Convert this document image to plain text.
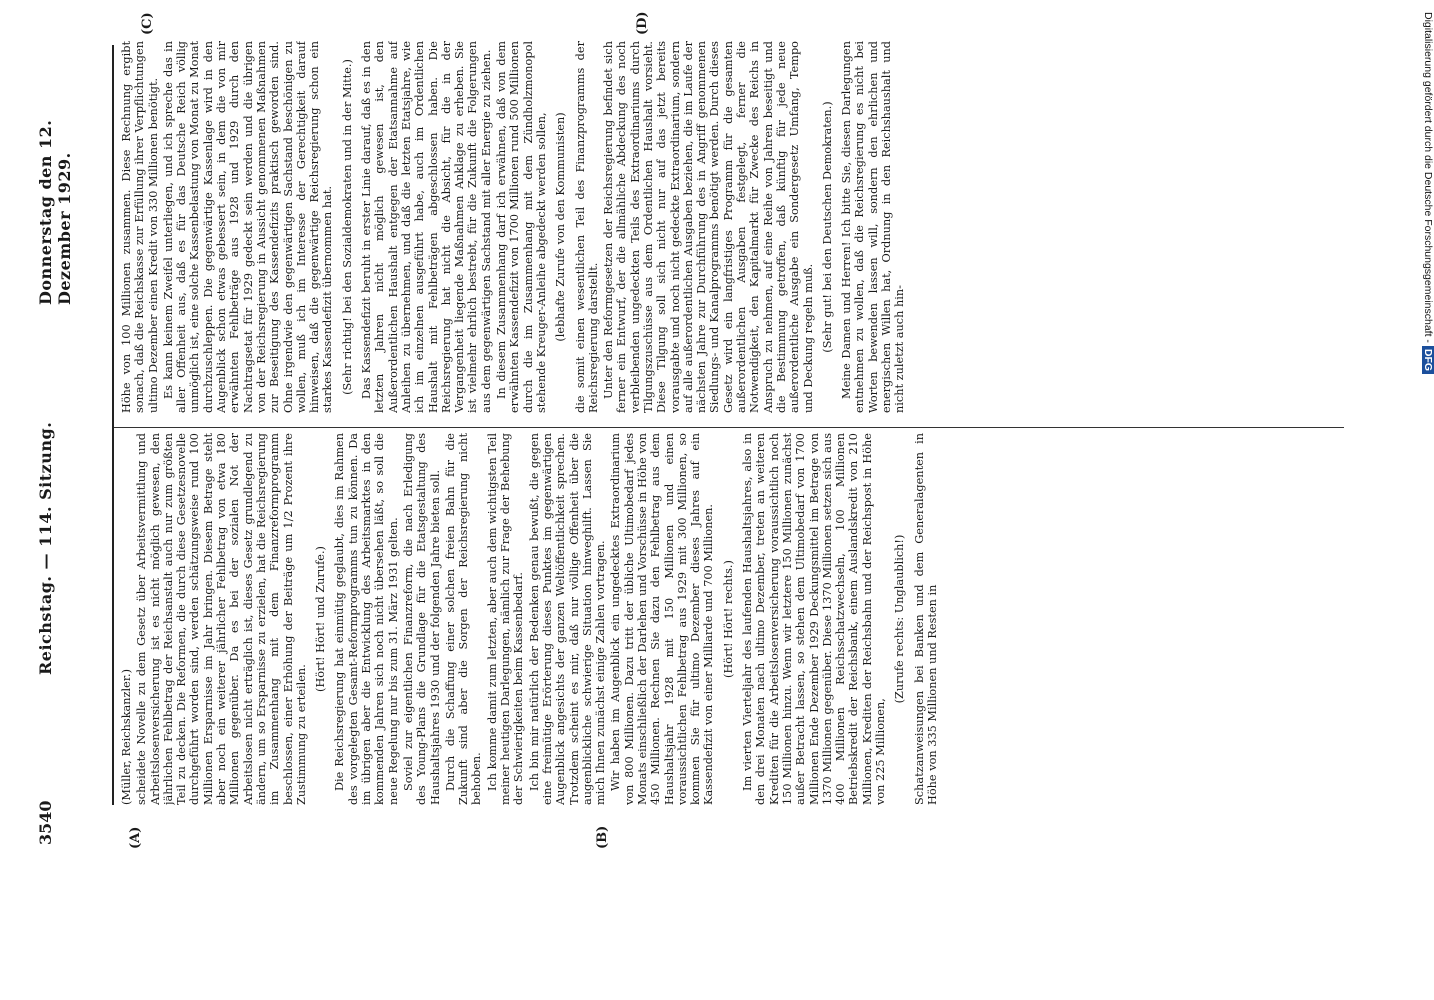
3540
Reichstag. — 114. Sitzung.
Donnerstag den 12. Dezember 1929.
(A)	(B)
(C)	(D)

(Müller, Reichskanzler.) scheidete Novelle zu dem Gesetz über Arbeitsvermittlung und Arbeitslosenversicherung ist es nicht möglich gewesen, den jährlichen Fehlbetrag der Reichsanstalt auch nur zum größten Teil zu decken. Die Reformen, die durch diese Gesetzesnovelle durchgeführt worden sind, werden schätzungsweise rund 100 Millionen Ersparnisse im Jahr bringen. Diesem Betrage steht aber noch ein weiterer jährlicher Fehlbetrag von etwa 180 Millionen gegenüber. Da es bei der sozialen Not der Arbeitslosen nicht erträglich ist, dieses Gesetz grundlegend zu ändern, um so Ersparnisse zu erzielen, hat die Reichsregierung im Zusammenhang mit dem Finanzreformprogramm beschlossen, einer Erhöhung der Beiträge um 1/2 Prozent ihre Zustimmung zu erteilen.

(Hört! Hört! und Zurufe.) Die Reichsregierung hat einmütig geglaubt, dies im Rahmen des vorgelegten Gesamt-Reformprogramms tun zu können. Da im übrigen aber die Entwicklung des Arbeitsmarktes in den kommenden Jahren sich noch nicht übersehen läßt, so soll die neue Regelung nur bis zum 31. März 1931 gelten. Soviel zur eigentlichen Finanzreform, die nach Erledigung des Young-Plans die Grundlage für die Etatsgestaltung des Haushaltsjahres 1930 und der folgenden Jahre bieten soll. Durch die Schaffung einer solchen freien Bahn für die Zukunft sind aber die Sorgen der Reichsregierung nicht behoben. Ich komme damit zum letzten, aber auch dem wichtigsten Teil meiner heutigen Darlegungen, nämlich zur Frage der Behebung der Schwierigkeiten beim Kassenbedarf. Ich bin mir natürlich der Bedenken genau bewußt, die gegen eine freimütige Erörterung dieses Punktes im gegenwärtigen Augenblick angesichts der ganzen Weltöffentlichkeit sprechen. Trotzdem scheint es mir, daß nur völlige Offenheit über die augenblickliche schwierige Situation hinweghilft. Lassen Sie mich Ihnen zunächst einige Zahlen vortragen. Wir haben im Augenblick ein ungedecktes Extraordinarium von 800 Millionen. Dazu tritt der übliche Ultimobedarf jedes Monats einschließlich der Darlehen und Vorschüsse in Höhe von 450 Millionen. Rechnen Sie dazu den Fehlbetrag aus dem Haushaltsjahr 1928 mit 150 Millionen und einen voraussichtlichen Fehlbetrag aus 1929 mit 300 Millionen, so kommen Sie für ultimo Dezember dieses Jahres auf ein Kassendefizit von einer Milliarde und 700 Millionen. (Hört! Hört! rechts.) Im vierten Vierteljahr des laufenden Haushaltsjahres, also in den drei Monaten nach ultimo Dezember, treten an weiteren Krediten für die Arbeitslosenversicherung voraussichtlich noch 150 Millionen hinzu. Wenn wir letztere 150 Millionen zunächst außer Betracht lassen, so stehen dem Ultimobedarf von 1700 Millionen Ende Dezember 1929 Deckungsmittel im Betrage von 1370 Millionen gegenüber. Diese 1370 Millionen setzen sich aus 400 Millionen Reichsschatzwechseln, 100 Millionen Betriebskredit der Reichsbank, einem Auslandskredit von 210 Millionen, Krediten der Reichsbahn und der Reichspost in Höhe von 225 Millionen,

(Zurufe rechts: Unglaublich!) Schatzanweisungen bei Banken und dem Generalagenten in Höhe von 335 Millionen und Resten in

Höhe von 100 Millionen zusammen. Diese Rechnung ergibt sonach, daß die Reichskasse zur Erfüllung ihrer Verpflichtungen ultimo Dezember einen Kredit von 330 Millionen benötigt. Es kann keinem Zweifel unterliegen, und ich spreche das in aller Offenheit aus, daß es für das Deutsche Reich völlig unmöglich ist, eine solche Kassenbelastung von Monat zu Monat durchzuschleppen. Die gegenwärtige Kassenlage wird in den Augenblick schon etwas gebessert sein, in dem die von mir erwähnten Fehlbeträge aus 1928 und 1929 durch den Nachtragsetat für 1929 gedeckt sein werden und die übrigen von der Reichsregierung in Aussicht genommenen Maßnahmen zur Beseitigung des Kassendefizits praktisch geworden sind. Ohne irgendwie den gegenwärtigen Sachstand beschönigen zu wollen, muß ich im Interesse der Gerechtigkeit darauf hinweisen, daß die gegenwärtige Reichsregierung schon ein starkes Kassendefizit übernommen hat. (Sehr richtig! bei den Sozialdemokraten und in der Mitte.) Das Kassendefizit beruht in erster Linie darauf, daß es in den letzten Jahren nicht möglich gewesen ist, den Außerordentlichen Haushalt entgegen der Etatsannahme auf Anleihen zu übernehmen, und daß die letzten Etatsjahre, wie ich im einzelnen ausgeführt habe, auch im Ordentlichen Haushalt mit Fehlbeträgen abgeschlossen haben. Die Reichsregierung hat nicht die Absicht, für die in der Vergangenheit liegende Maßnahmen Anklage zu erheben. Sie ist vielmehr ehrlich bestrebt, für die Zukunft die Folgerungen aus dem gegenwärtigen Sachstand mit aller Energie zu ziehen. In diesem Zusammenhang darf ich erwähnen, daß von dem erwähnten Kassendefizit von 1700 Millionen rund 500 Millionen durch die im Zusammenhang mit dem Zündholzmonopol stehende Kreuger-Anleihe abgedeckt werden sollen, (lebhafte Zurufe von den Kommunisten) die somit einen wesentlichen Teil des Finanzprogramms der Reichsregierung darstellt. Unter den Reformgesetzen der Reichsregierung befindet sich ferner ein Entwurf, der die allmähliche Abdeckung des noch verbleibenden ungedeckten Teils des Extraordinariums durch Tilgungszuschüsse aus dem Ordentlichen Haushalt vorsieht. Diese Tilgung soll sich nicht nur auf das jetzt bereits vorausgabte und noch nicht gedeckte Extraordinarium, sondern auf alle außerordentlichen Ausgaben beziehen, die im Laufe der nächsten Jahre zur Durchführung des in Angriff genommenen Siedlungs- und Kanalprogramms benötigt werden. Durch dieses Gesetz wird ein langfristiges Programm für die gesamten außerordentlichen Ausgaben festgelegt, ferner die Notwendigkeit, den Kapitalmarkt für Zwecke des Reichs in Anspruch zu nehmen, auf eine Reihe von Jahren beseitigt und die Bestimmung getroffen, daß künftig für jede neue außerordentliche Ausgabe ein Sondergesetz Umfang, Tempo und Deckung regeln muß. (Sehr gut! bei den Deutschen Demokraten.) Meine Damen und Herren! Ich bitte Sie, diesen Darlegungen entnehmen zu wollen, daß die Reichsregierung es nicht bei Worten bewenden lassen will, sondern den ehrlichen und energischen Willen hat, Ordnung in den Reichshaushalt und nicht zuletzt auch hin-

Digitalisierung gefördert durch die Deutsche Forschungsgemeinschaft -DFG
